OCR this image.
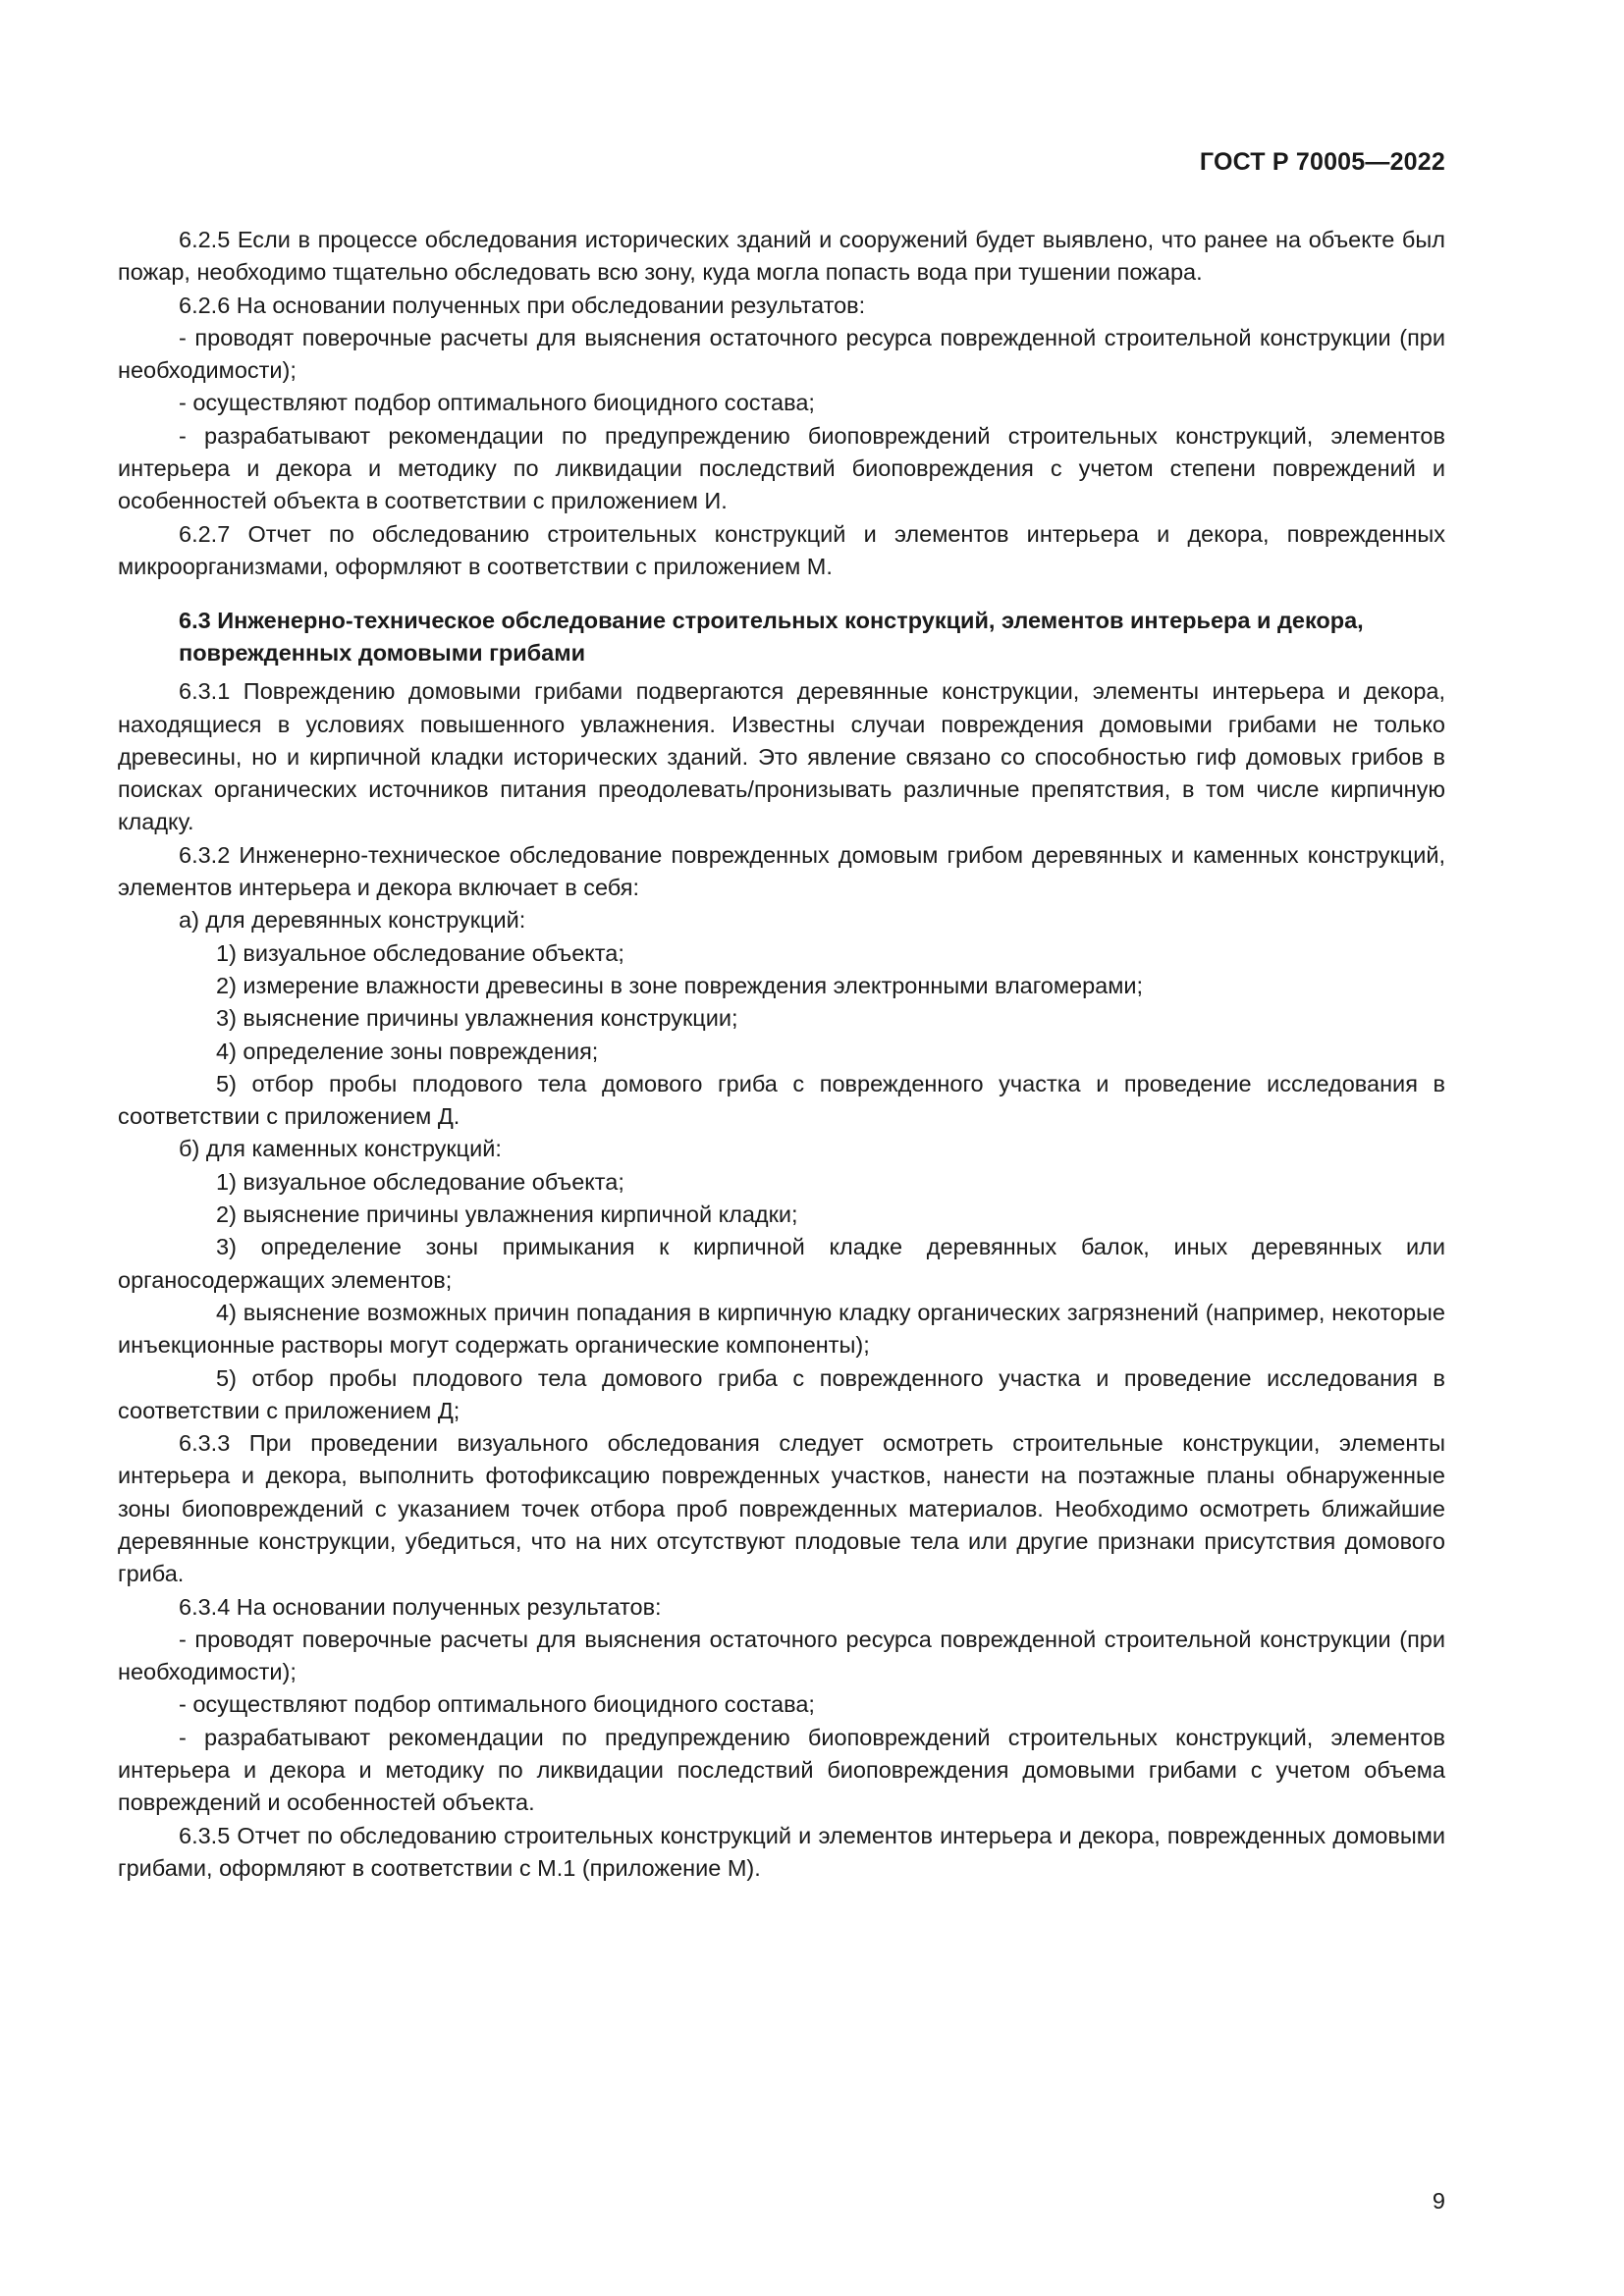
ГОСТ Р 70005—2022

6.2.5 Если в процессе обследования исторических зданий и сооружений будет выявлено, что ранее на объекте был пожар, необходимо тщательно обследовать всю зону, куда могла попасть вода при тушении пожара.

6.2.6 На основании полученных при обследовании результатов:

- проводят поверочные расчеты для выяснения остаточного ресурса поврежденной строительной конструкции (при необходимости);

- осуществляют подбор оптимального биоцидного состава;

- разрабатывают рекомендации по предупреждению биоповреждений строительных конструкций, элементов интерьера и декора и методику по ликвидации последствий биоповреждения с учетом степени повреждений и особенностей объекта в соответствии с приложением И.

6.2.7 Отчет по обследованию строительных конструкций и элементов интерьера и декора, поврежденных микроорганизмами, оформляют в соответствии с приложением М.

6.3 Инженерно-техническое обследование строительных конструкций, элементов интерьера и декора, поврежденных домовыми грибами

6.3.1 Повреждению домовыми грибами подвергаются деревянные конструкции, элементы интерьера и декора, находящиеся в условиях повышенного увлажнения. Известны случаи повреждения домовыми грибами не только древесины, но и кирпичной кладки исторических зданий. Это явление связано со способностью гиф домовых грибов в поисках органических источников питания преодолевать/пронизывать различные препятствия, в том числе кирпичную кладку.

6.3.2 Инженерно-техническое обследование поврежденных домовым грибом деревянных и каменных конструкций, элементов интерьера и декора включает в себя:

а) для деревянных конструкций:

1) визуальное обследование объекта;

2) измерение влажности древесины в зоне повреждения электронными влагомерами;

3) выяснение причины увлажнения конструкции;

4) определение зоны повреждения;

5) отбор пробы плодового тела домового гриба с поврежденного участка и проведение исследования в соответствии с приложением Д.

б) для каменных конструкций:

1) визуальное обследование объекта;

2) выяснение причины увлажнения кирпичной кладки;

3) определение зоны примыкания к кирпичной кладке деревянных балок, иных деревянных или органосодержащих элементов;

4) выяснение возможных причин попадания в кирпичную кладку органических загрязнений (например, некоторые инъекционные растворы могут содержать органические компоненты);

5) отбор пробы плодового тела домового гриба с поврежденного участка и проведение исследования в соответствии с приложением Д;

6.3.3 При проведении визуального обследования следует осмотреть строительные конструкции, элементы интерьера и декора, выполнить фотофиксацию поврежденных участков, нанести на поэтажные планы обнаруженные зоны биоповреждений с указанием точек отбора проб поврежденных материалов. Необходимо осмотреть ближайшие деревянные конструкции, убедиться, что на них отсутствуют плодовые тела или другие признаки присутствия домового гриба.

6.3.4 На основании полученных результатов:

- проводят поверочные расчеты для выяснения остаточного ресурса поврежденной строительной конструкции (при необходимости);

- осуществляют подбор оптимального биоцидного состава;

- разрабатывают рекомендации по предупреждению биоповреждений строительных конструкций, элементов интерьера и декора и методику по ликвидации последствий биоповреждения домовыми грибами с учетом объема повреждений и особенностей объекта.

6.3.5 Отчет по обследованию строительных конструкций и элементов интерьера и декора, поврежденных домовыми грибами, оформляют в соответствии с М.1 (приложение М).

9
